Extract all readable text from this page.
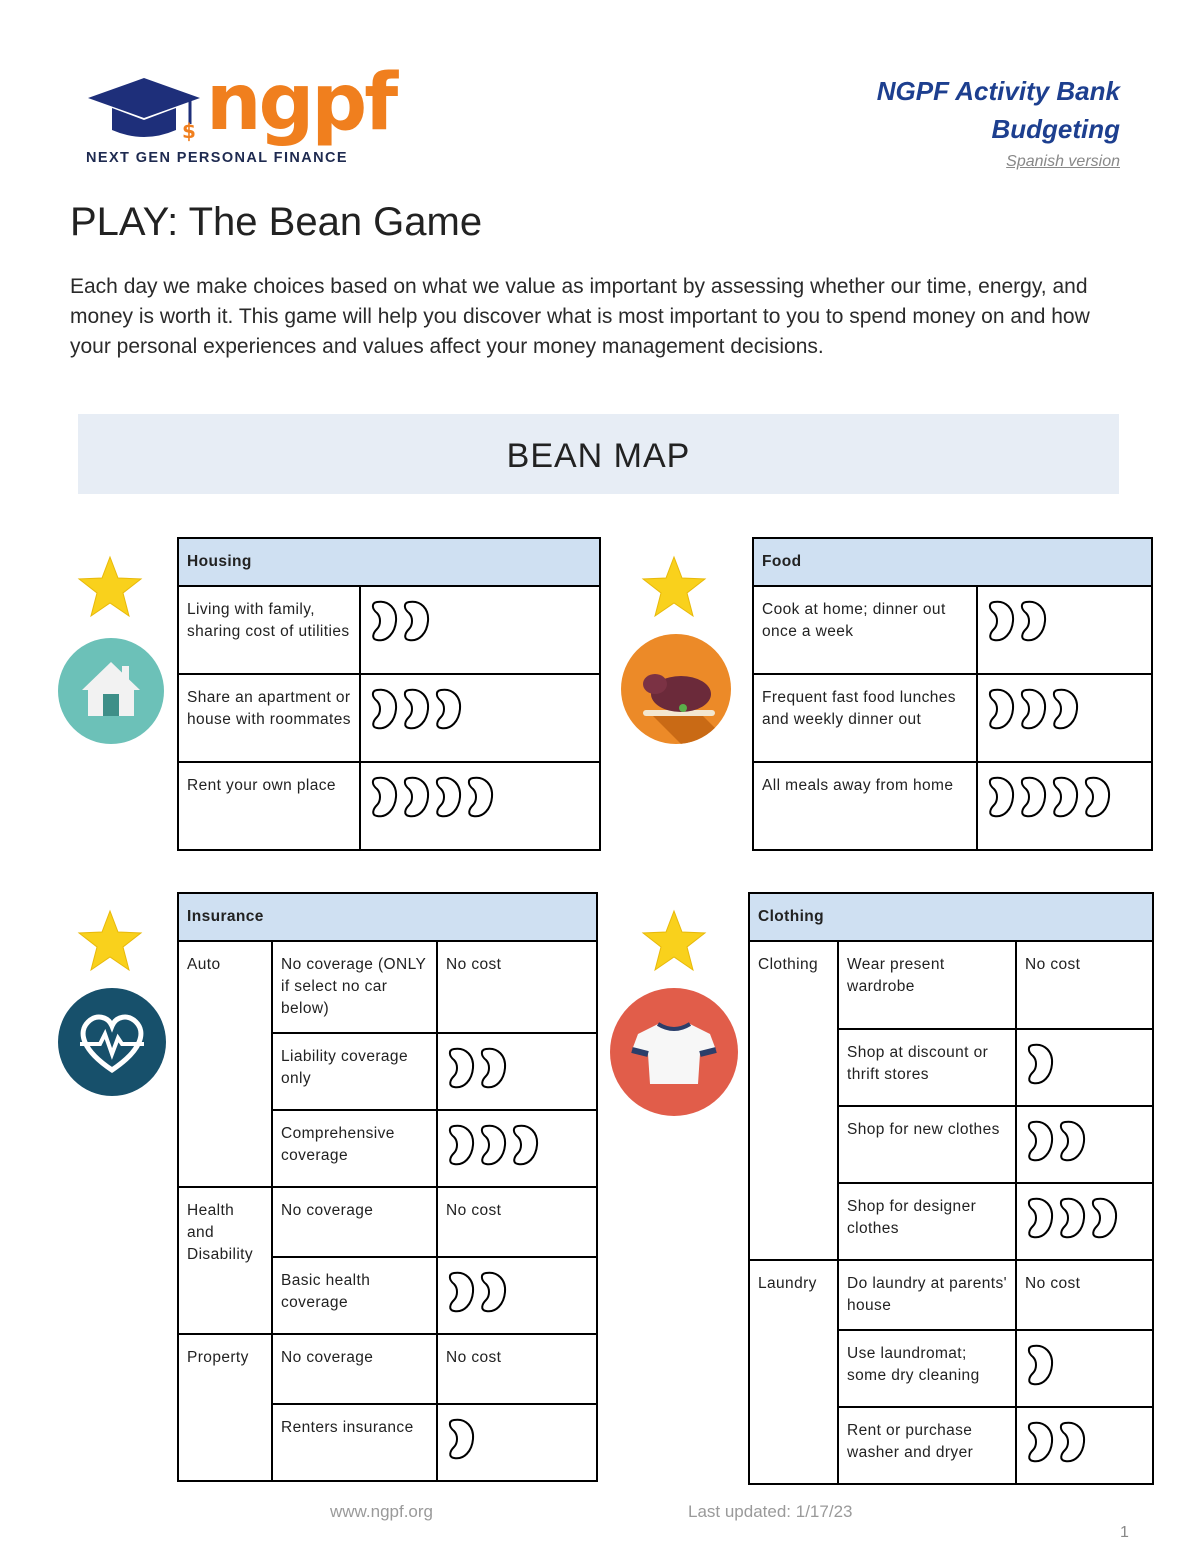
$ ngpf
NEXT GEN PERSONAL FINANCE
NGPF Activity Bank
Budgeting
Spanish version
PLAY: The Bean Game
Each day we make choices based on what we value as important by assessing whether our time, energy, and money is worth it. This game will help you discover what is most important to you to spend money on and how your personal experiences and values affect your money management decisions.
BEAN MAP
Housing	
Living with family, sharing cost of utilities	
Share an apartment or house with roommates	
Rent your own place	
Food	
Cook at home; dinner out once a week	
Frequent fast food lunches and weekly dinner out	
All meals away from home	
Insurance		
Auto	No coverage (ONLY if select no car below)	No cost
	Liability coverage only	
	Comprehensive coverage	
Health and Disability	No coverage	No cost
	Basic health coverage	
Property	No coverage	No cost
	Renters insurance	
Clothing		
Clothing	Wear present wardrobe	No cost
	Shop at discount or thrift stores	
	Shop for new clothes	
	Shop for designer clothes	
Laundry	Do laundry at parents' house	No cost
	Use laundromat; some dry cleaning	
	Rent or purchase washer and dryer	
www.ngpf.org	Last updated: 1/17/23
1
